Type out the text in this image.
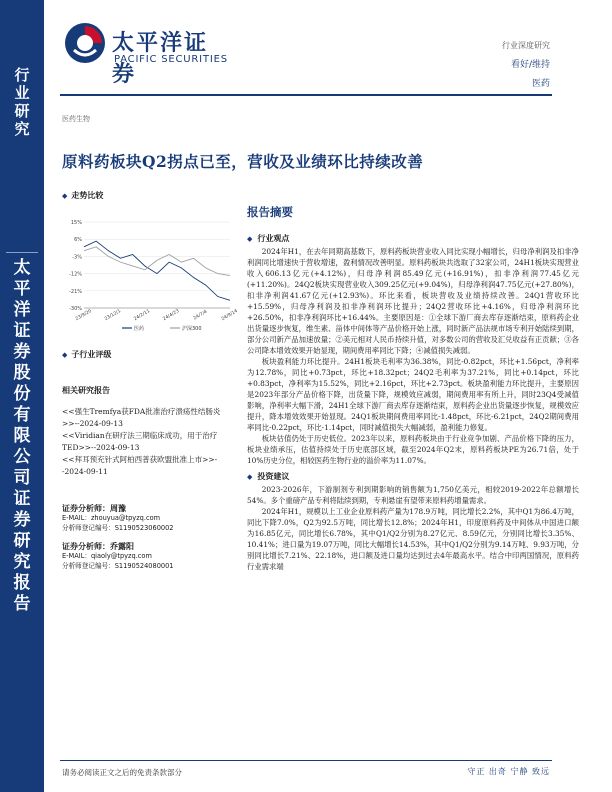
行
业
研
究
太
平
洋
证
券
股
份
有
限
公
司
证
券
研
究
报
告
太平洋证券
PACIFIC SECURITIES
行业深度研究
看好/维持
医药
医药生物
原料药板块Q2拐点已至，营收及业绩环比持续改善
◆ 走势比较
15%
6%
-3%
-12%
-21%
-30%
23/9/20 23/12/1 24/2/11 24/4/23	24/7/4	24/9/14
医药	沪深300
◆ 子行业评级
相关研究报告

<<强生Tremfya获FDA批准治疗溃疡性结肠炎>>--2024-09-13

<<Viridian在研疗法三期临床成功，用于治疗TED>>--2024-09-13

<<拜耳预充针式阿柏西普获欧盟批准上市>>--2024-09-11

证券分析师：周豫
E-MAIL：zhouyua@tpyzq.com
分析师登记编号：S1190523060002
证券分析师：乔露阳
E-MAIL：qiaoly@tpyzq.com
分析师登记编号：S1190524080001
报告摘要
◆ 行业观点
2024年H1，在去年同期高基数下，原料药板块营业收入同比实现小幅增长，归母净利润及扣非净利润同比增速快于营收增速，盈利情况改善明显。原料药板块共选取了32家公司，24H1板块实现营业收入606.13亿元(+4.12%)，归母净利润85.49亿元(+16.91%)，扣非净利润77.45亿元(+11.20%)。24Q2板块实现营业收入309.25亿元(+9.04%)，归母净利润47.75亿元(+27.80%)，扣非净利润41.67亿元(+12.93%)。环比来看，板块营收及业绩持续改善。24Q1营收环比+15.59%，归母净利润及扣非净利润环比提升；24Q2营收环比+4.16%，归母净利润环比+26.50%，扣非净利润环比+16.44%。主要原因是：①全球下游厂商去库存逐渐结束，原料药企业出货量逐步恢复，维生素、甾体中间体等产品价格开始上涨，同时新产品法规市场专利开始陆续到期，部分公司新产品加速放量；②美元相对人民币持续升值，对多数公司的营收及汇兑收益有正贡献；③各公司降本增效效果开始显现，期间费用率同比下降；④减值损失减弱。
板块盈利能力环比提升。24H1板块毛利率为36.38%，同比-0.82pct，环比+1.56pct，净利率为12.78%，同比+0.73pct，环比+18.32pct；24Q2毛利率为37.21%，同比+0.14pct，环比+0.83pct，净利率为15.52%，同比+2.16pct，环比+2.73pct。板块盈利能力环比提升，主要原因是2023年部分产品价格下降，出货量下降，规模效应减弱，期间费用率有所上升，同时23Q4受减值影响，净利率大幅下滑，24H1全球下游厂商去库存逐渐结束，原料药企业出货量逐步恢复，规模效应提升，降本增效效果开始显现。24Q1板块期间费用率同比-1.48pct，环比-6.21pct，24Q2期间费用率同比-0.22pct，环比-1.14pct，同时减值损失大幅减弱，盈利能力修复。
板块估值仍处于历史低位。2023年以来，原料药板块由于行业竞争加剧、产品价格下降的压力，板块业绩承压，估值持续处于历史底部区域，截至2024年Q2末，原料药板块PE为26.71倍，处于10%历史分位，相较医药生物行业的溢价率为11.07%。
◆ 投资建议
2023-2026年，下游制剂专利到期影响的销售额为1,750亿美元，相较2019-2022年总额增长54%。多个重磅产品专利将陆续到期，专利悬崖有望带来原料药增量需求。
2024年H1，规模以上工业企业原料药产量为178.9万吨，同比增长2.2%，其中Q1为86.4万吨，同比下降7.0%，Q2为92.5万吨，同比增长12.8%；2024年H1，印度原料药及中间体从中国进口额为16.85亿元，同比增长6.78%，其中Q1/Q2分别为8.27亿元、8.59亿元，分别同比增长3.35%、10.41%；进口量为19.07万吨，同比大幅增长14.53%，其中Q1/Q2分别为9.14万吨、9.93万吨，分别同比增长7.21%、22.18%，进口额及进口量均达到过去4年最高水平。结合中印两国情况，原料药行业需求端
请务必阅读正文之后的免责条款部分	守正 出奇 宁静 致远
